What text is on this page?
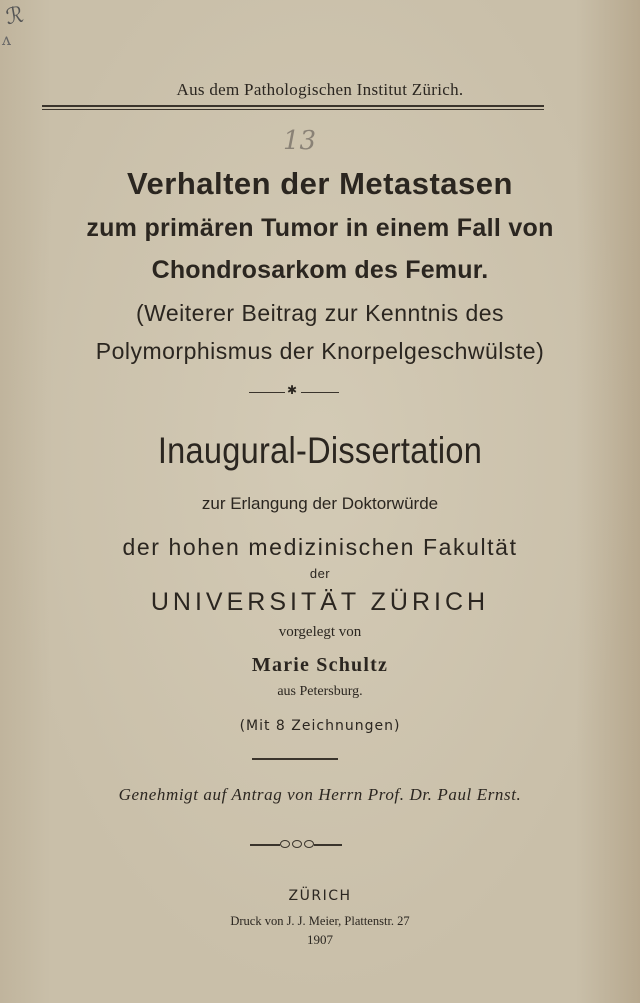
ℛ
ʌ
Aus dem Pathologischen Institut Zürich.
13
Verhalten der Metastasen
zum primären Tumor in einem Fall von
Chondrosarkom des Femur.
(Weiterer Beitrag zur Kenntnis des
Polymorphismus der Knorpelgeschwülste)
✱
Inaugural-Dissertation
zur Erlangung der Doktorwürde
der hohen medizinischen Fakultät
der
UNIVERSITÄT ZÜRICH
vorgelegt von
Marie Schultz
aus Petersburg.
(Mit 8 Zeichnungen)
Genehmigt auf Antrag von Herrn Prof. Dr. Paul Ernst.
ZÜRICH
Druck von J. J. Meier, Plattenstr. 27
1907
